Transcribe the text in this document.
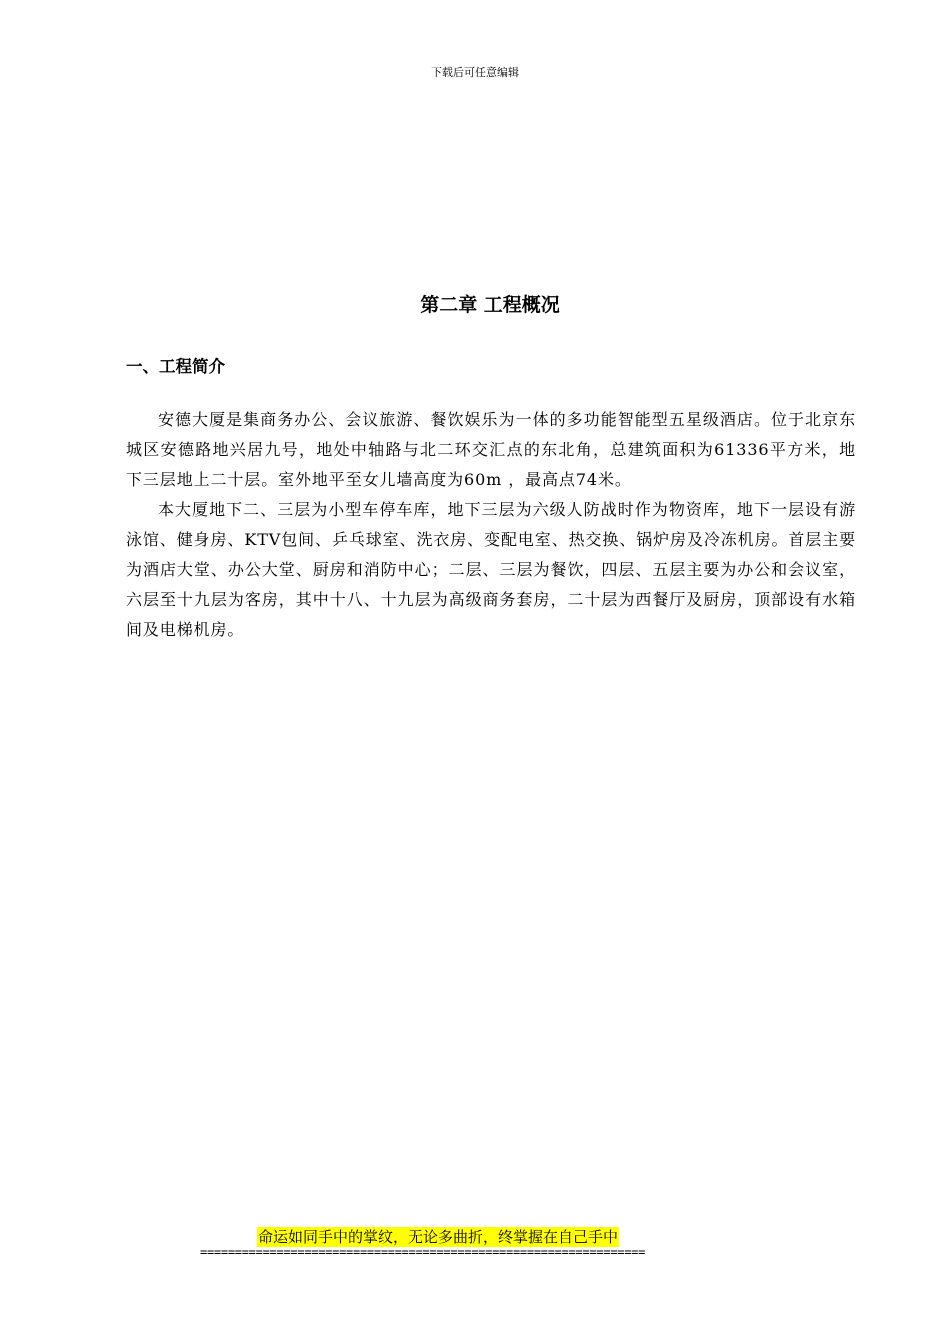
下载后可任意编辑
第二章 工程概况
一、工程简介

安德大厦是集商务办公、会议旅游、餐饮娱乐为一体的多功能智能型五星级酒店。位于北京东城区安德路地兴居九号，地处中轴路与北二环交汇点的东北角，总建筑面积为61336平方米，地下三层地上二十层。室外地平至女儿墙高度为60m ，最高点74米。

本大厦地下二、三层为小型车停车库，地下三层为六级人防战时作为物资库，地下一层设有游泳馆、健身房、KTV包间、乒乓球室、洗衣房、变配电室、热交换、锅炉房及冷冻机房。首层主要为酒店大堂、办公大堂、厨房和消防中心；二层、三层为餐饮，四层、五层主要为办公和会议室，六层至十九层为客房，其中十八、十九层为高级商务套房，二十层为西餐厅及厨房，顶部设有水箱间及电梯机房。

命运如同手中的掌纹，无论多曲折，终掌握在自己手中
================================================================
